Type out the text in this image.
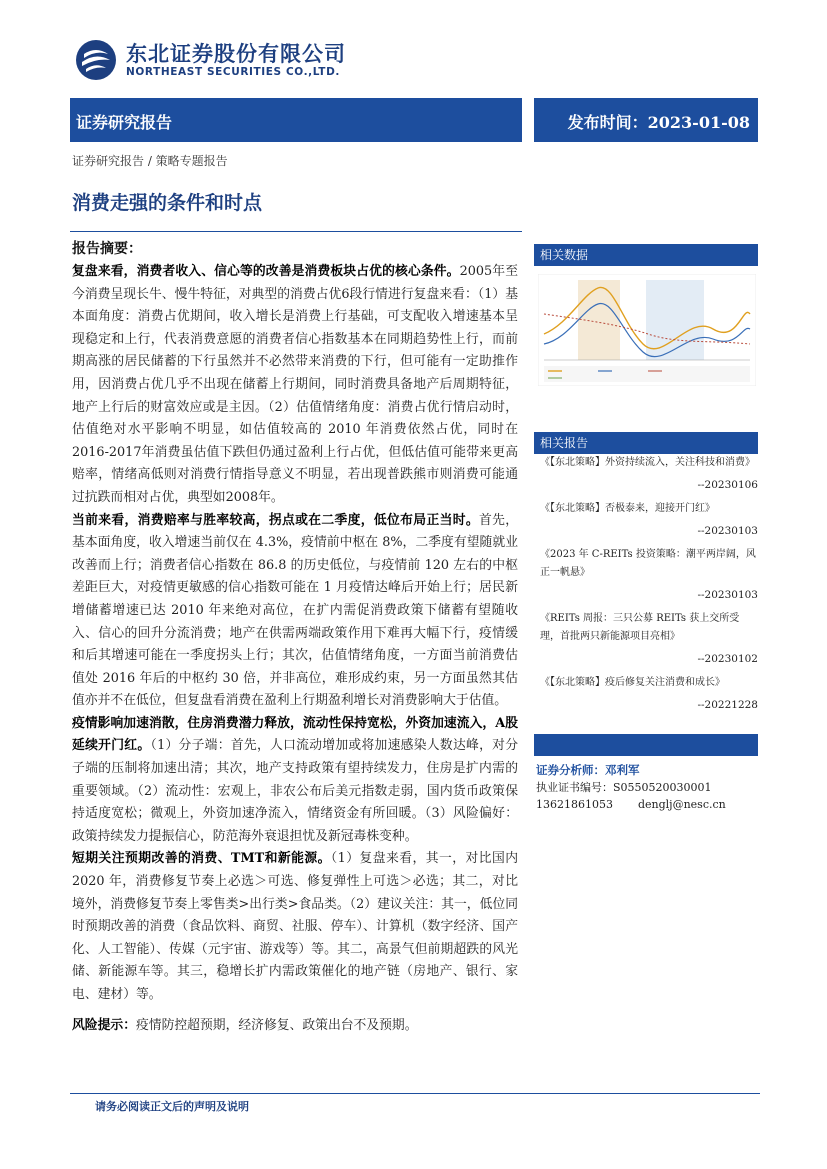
东北证券股份有限公司
NORTHEAST SECURITIES CO.,LTD.
证券研究报告	发布时间：2023-01-08
证券研究报告 / 策略专题报告
消费走强的条件和时点
报告摘要：

复盘来看，消费者收入、信心等的改善是消费板块占优的核心条件。2005年至今消费呈现长牛、慢牛特征，对典型的消费占优6段行情进行复盘来看：（1）基本面角度：消费占优期间，收入增长是消费上行基础，可支配收入增速基本呈现稳定和上行，代表消费意愿的消费者信心指数基本在同期趋势性上行，而前期高涨的居民储蓄的下行虽然并不必然带来消费的下行，但可能有一定助推作用，因消费占优几乎不出现在储蓄上行期间，同时消费具备地产后周期特征，地产上行后的财富效应或是主因。（2）估值情绪角度：消费占优行情启动时，估值绝对水平影响不明显，如估值较高的 2010 年消费依然占优，同时在2016-2017年消费虽估值下跌但仍通过盈利上行占优，但低估值可能带来更高赔率，情绪高低则对消费行情指导意义不明显，若出现普跌熊市则消费可能通过抗跌而相对占优，典型如2008年。

当前来看，消费赔率与胜率较高，拐点或在二季度，低位布局正当时。首先，基本面角度，收入增速当前仅在 4.3%，疫情前中枢在 8%，二季度有望随就业改善而上行；消费者信心指数在 86.8 的历史低位，与疫情前 120 左右的中枢差距巨大，对疫情更敏感的信心指数可能在 1 月疫情达峰后开始上行；居民新增储蓄增速已达 2010 年来绝对高位，在扩内需促消费政策下储蓄有望随收入、信心的回升分流消费；地产在供需两端政策作用下难再大幅下行，疫情缓和后其增速可能在一季度拐头上行；其次，估值情绪角度，一方面当前消费估值处 2016 年后的中枢约 30 倍，并非高位，难形成约束，另一方面虽然其估值亦并不在低位，但复盘看消费在盈利上行期盈利增长对消费影响大于估值。

疫情影响加速消散，住房消费潜力释放，流动性保持宽松，外资加速流入，A股延续开门红。（1）分子端：首先，人口流动增加或将加速感染人数达峰，对分子端的压制将加速出清；其次，地产支持政策有望持续发力，住房是扩内需的重要领域。（2）流动性：宏观上，非农公布后美元指数走弱，国内货币政策保持适度宽松；微观上，外资加速净流入，情绪资金有所回暖。（3）风险偏好：政策持续发力提振信心，防范海外衰退担忧及新冠毒株变种。

短期关注预期改善的消费、TMT和新能源。（1）复盘来看，其一，对比国内 2020 年，消费修复节奏上必选＞可选、修复弹性上可选＞必选；其二，对比境外，消费修复节奏上零售类>出行类>食品类。（2）建议关注：其一，低位同时预期改善的消费（食品饮料、商贸、社服、停车）、计算机（数字经济、国产化、人工智能）、传媒（元宇宙、游戏等）等。其二，高景气但前期超跌的风光储、新能源车等。其三，稳增长扩内需政策催化的地产链（房地产、银行、家电、建材）等。

风险提示：疫情防控超预期，经济修复、政策出台不及预期。

相关数据
相关报告
《【东北策略】外资持续流入，关注科技和消费》
--20230106
《【东北策略】否极泰来，迎接开门红》
--20230103
《2023 年 C-REITs 投资策略：潮平两岸阔，风正一帆悬》
--20230103
《REITs 周报：三只公募 REITs 获上交所受理，首批两只新能源项目亮相》
--20230102
《【东北策略】疫后修复关注消费和成长》
--20221228
证券分析师：邓利军
执业证书编号：S0550520030001
13621861053 denglj@nesc.cn
请务必阅读正文后的声明及说明
